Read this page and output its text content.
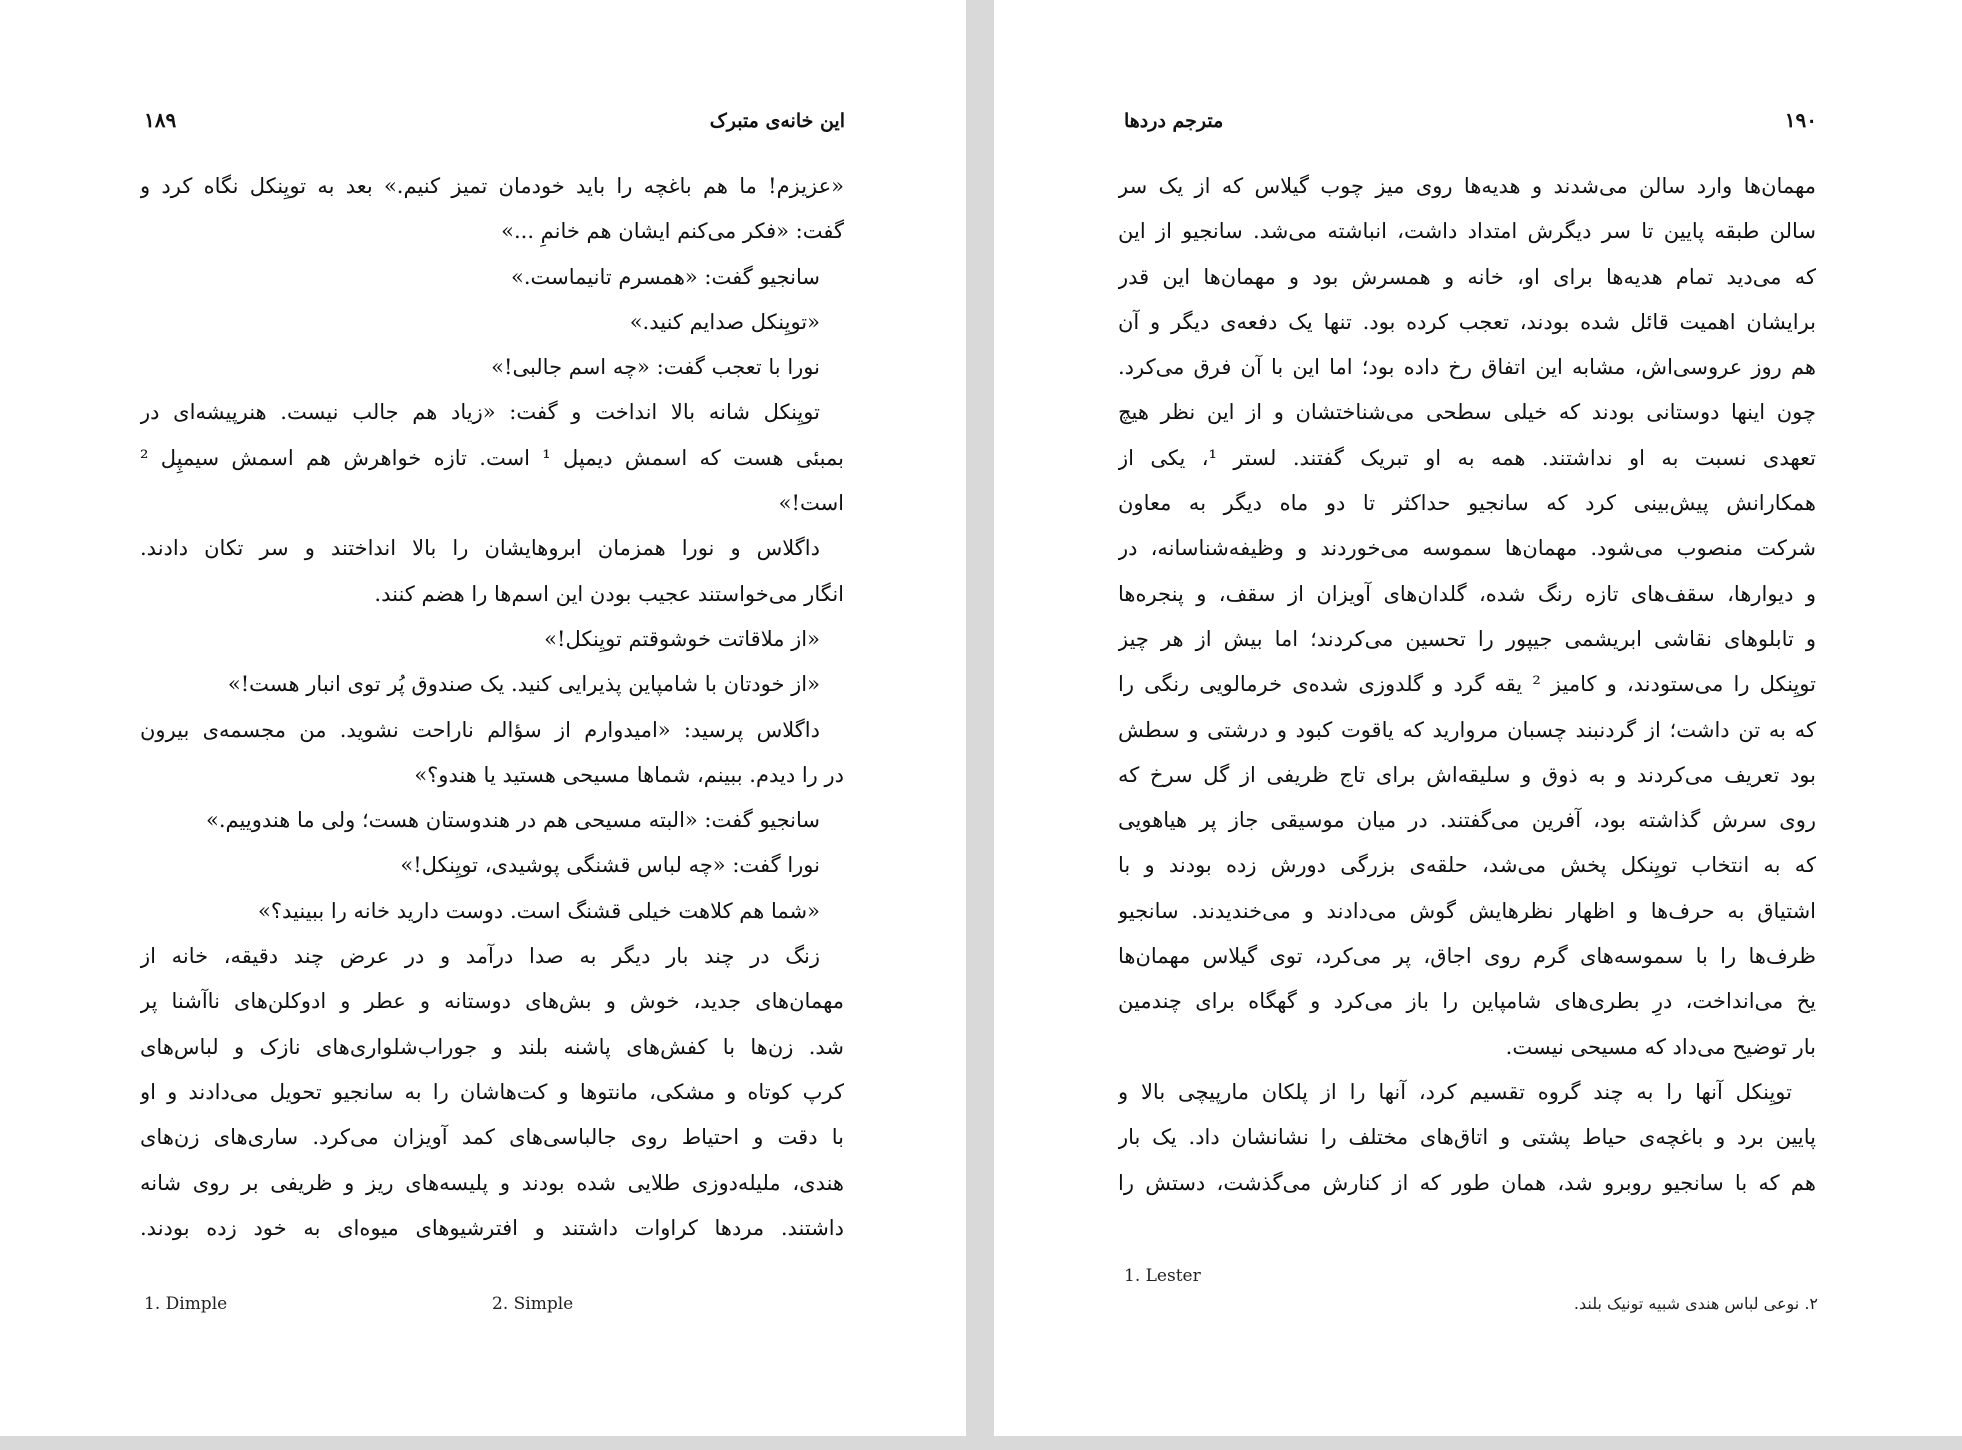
۱۸۹	این خانه‌ی متبرک
«عزیزم! ما هم باغچه را باید خودمان تمیز کنیم.» بعد به تویِنکل نگاه کرد و
گفت: «فکر می‌کنم ایشان هم خانمِ ...»
سانجیو گفت: «همسرم تانیماست.»
«تویِنکل صدایم کنید.»
نورا با تعجب گفت: «چه اسم جالبی!»
تویِنکل شانه بالا انداخت و گفت: «زیاد هم جالب نیست. هنرپیشه‌ای در
بمبئی هست که اسمش دیمپل ¹ است. تازه خواهرش هم اسمش سیمپِل ²
است!»
داگلاس و نورا همزمان ابروهایشان را بالا انداختند و سر تکان دادند.
انگار می‌خواستند عجیب بودن این اسم‌ها را هضم کنند.
«از ملاقاتت خوشوقتم تویِنکل!»
«از خودتان با شامپاین پذیرایی کنید. یک صندوق پُر توی انبار هست!»
داگلاس پرسید: «امیدوارم از سؤالم ناراحت نشوید. من مجسمه‌ی بیرون
در را دیدم. ببینم، شماها مسیحی هستید یا هندو؟»
سانجیو گفت: «البته مسیحی هم در هندوستان هست؛ ولی ما هندوییم.»
نورا گفت: «چه لباس قشنگی پوشیدی، تویِنکل!»
«شما هم کلاهت خیلی قشنگ است. دوست دارید خانه را ببینید؟»
زنگ در چند بار دیگر به صدا درآمد و در عرض چند دقیقه، خانه از
مهمان‌های جدید، خوش و بش‌های دوستانه و عطر و ادوکلن‌های ناآشنا پر
شد. زن‌ها با کفش‌های پاشنه بلند و جوراب‌شلواری‌های نازک و لباس‌های
کرپ کوتاه و مشکی، مانتوها و کت‌هاشان را به سانجیو تحویل می‌دادند و او
با دقت و احتیاط روی جالباسی‌های کمد آویزان می‌کرد. ساری‌های زن‌های
هندی، ملیله‌دوزی طلایی شده بودند و پلیسه‌های ریز و ظریفی بر روی شانه
داشتند. مردها کراوات داشتند و افترشیوهای میوه‌ای به خود زده بودند.
1. Dimple	2. Simple
۱۹۰
مترجم دردها
مهمان‌ها وارد سالن می‌شدند و هدیه‌ها روی میز چوب گیلاس که از یک سر
سالن طبقه پایین تا سر دیگرش امتداد داشت، انباشته می‌شد. سانجیو از این
که می‌دید تمام هدیه‌ها برای او، خانه و همسرش بود و مهمان‌ها این قدر
برایشان اهمیت قائل شده بودند، تعجب کرده بود. تنها یک دفعه‌ی دیگر و آن
هم روز عروسی‌اش، مشابه این اتفاق رخ داده بود؛ اما این با آن فرق می‌کرد.
چون اینها دوستانی بودند که خیلی سطحی می‌شناختشان و از این نظر هیچ
تعهدی نسبت به او نداشتند. همه به او تبریک گفتند. لستر ¹، یکی از
همکارانش پیش‌بینی کرد که سانجیو حداکثر تا دو ماه دیگر به معاون
شرکت منصوب می‌شود. مهمان‌ها سموسه می‌خوردند و وظیفه‌شناسانه، در
و دیوارها، سقف‌های تازه رنگ شده، گلدان‌های آویزان از سقف، و پنجره‌ها
و تابلوهای نقاشی ابریشمی جیپور را تحسین می‌کردند؛ اما بیش از هر چیز
تویِنکل را می‌ستودند، و کامیز ² یقه گرد و گلدوزی شده‌ی خرمالویی رنگی را
که به تن داشت؛ از گردنبند چسبان مروارید که یاقوت کبود و درشتی و سطش
بود تعریف می‌کردند و به ذوق و سلیقه‌اش برای تاج ظریفی از گل سرخ که
روی سرش گذاشته بود، آفرین می‌گفتند. در میان موسیقی جاز پر هیاهویی
که به انتخاب تویِنکل پخش می‌شد، حلقه‌ی بزرگی دورش زده بودند و با
اشتیاق به حرف‌ها و اظهار نظرهایش گوش می‌دادند و می‌خندیدند. سانجیو
ظرف‌ها را با سموسه‌های گرم روی اجاق، پر می‌کرد، توی گیلاس مهمان‌ها
یخ می‌انداخت، درِ بطری‌های شامپاین را باز می‌کرد و گهگاه برای چندمین
بار توضیح می‌داد که مسیحی نیست.
تویِنکل آنها را به چند گروه تقسیم کرد، آنها را از پلکان مارپیچی بالا و
پایین برد و باغچه‌ی حیاط پشتی و اتاق‌های مختلف را نشانشان داد. یک بار
هم که با سانجیو روبرو شد، همان طور که از کنارش می‌گذشت، دستش را
1. Lester
۲. نوعی لباس هندی شبیه تونیک بلند.
